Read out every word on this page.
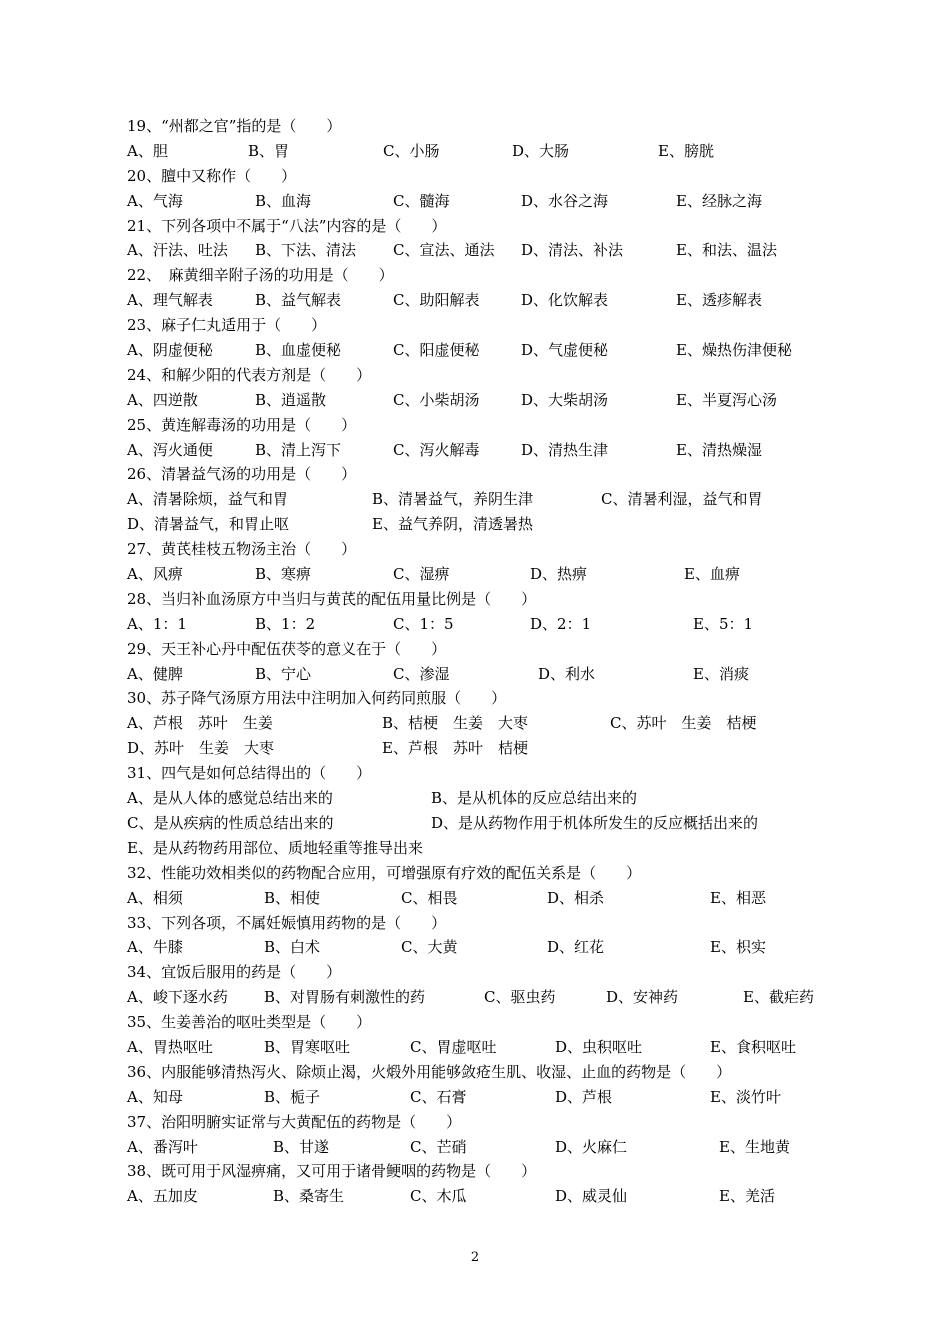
19、“州都之官”指的是（　　）
A、胆	B、胃	C、小肠	D、大肠	E、膀胱
20、膻中又称作（　　）
A、气海	B、血海	C、髓海	D、水谷之海	E、经脉之海
21、下列各项中不属于“八法”内容的是（　　）
A、汗法、吐法 B、下法、清法 C、宣法、通法 D、清法、补法	E、和法、温法
22、　麻黄细辛附子汤的功用是（　　）
A、理气解表	B、益气解表	C、助阳解表	D、化饮解表	E、透疹解表
23、麻子仁丸适用于（　　）
A、阴虚便秘	B、血虚便秘	C、阳虚便秘	D、气虚便秘	E、燥热伤津便秘
24、和解少阳的代表方剂是（　　）
A、四逆散	B、逍遥散	C、小柴胡汤	D、大柴胡汤	E、半夏泻心汤
25、黄连解毒汤的功用是（　　）
A、泻火通便	B、清上泻下	C、泻火解毒	D、清热生津	E、清热燥湿
26、清暑益气汤的功用是（　　）
A、清暑除烦，益气和胃	B、清暑益气，养阴生津	C、清暑利湿，益气和胃
D、清暑益气，和胃止呕	E、益气养阴，清透暑热
27、黄芪桂枝五物汤主治（　　）
A、风痹	B、寒痹	C、湿痹	D、热痹	E、血痹
28、当归补血汤原方中当归与黄芪的配伍用量比例是（　　）
A、1：1	B、1：2	C、1：5	D、2：1	E、5：1
29、天王补心丹中配伍茯苓的意义在于（　　）
A、健脾	B、宁心	C、渗湿	D、利水	E、消痰
30、苏子降气汤原方用法中注明加入何药同煎服（　　）
A、芦根　苏叶　生姜	B、桔梗　生姜　大枣	C、苏叶　生姜　桔梗
D、苏叶　生姜　大枣	E、芦根　苏叶　桔梗
31、四气是如何总结得出的（　　）
A、是从人体的感觉总结出来的	B、是从机体的反应总结出来的
C、是从疾病的性质总结出来的	D、是从药物作用于机体所发生的反应概括出来的
E、是从药物药用部位、质地轻重等推导出来
32、性能功效相类似的药物配合应用，可增强原有疗效的配伍关系是（　　）
A、相须	B、相使	C、相畏	D、相杀	E、相恶
33、下列各项，不属妊娠慎用药物的是（　　）
A、牛膝	B、白术	C、大黄	D、红花	E、枳实
34、宜饭后服用的药是（　　）
A、峻下逐水药 B、对胃肠有刺激性的药	C、驱虫药	D、安神药	E、截疟药
35、生姜善治的呕吐类型是（　　）
A、胃热呕吐	B、胃寒呕吐	C、胃虚呕吐	D、虫积呕吐	E、食积呕吐
36、内服能够清热泻火、除烦止渴，火煅外用能够敛疮生肌、收湿、止血的药物是（　　）
A、知母	B、栀子	C、石膏	D、芦根	E、淡竹叶
37、治阳明腑实证常与大黄配伍的药物是（　　）
A、番泻叶	B、甘遂	C、芒硝	D、火麻仁	E、生地黄
38、既可用于风湿痹痛，又可用于诸骨鲠咽的药物是（　　）
A、五加皮	B、桑寄生	C、木瓜	D、威灵仙	E、羌活
2
